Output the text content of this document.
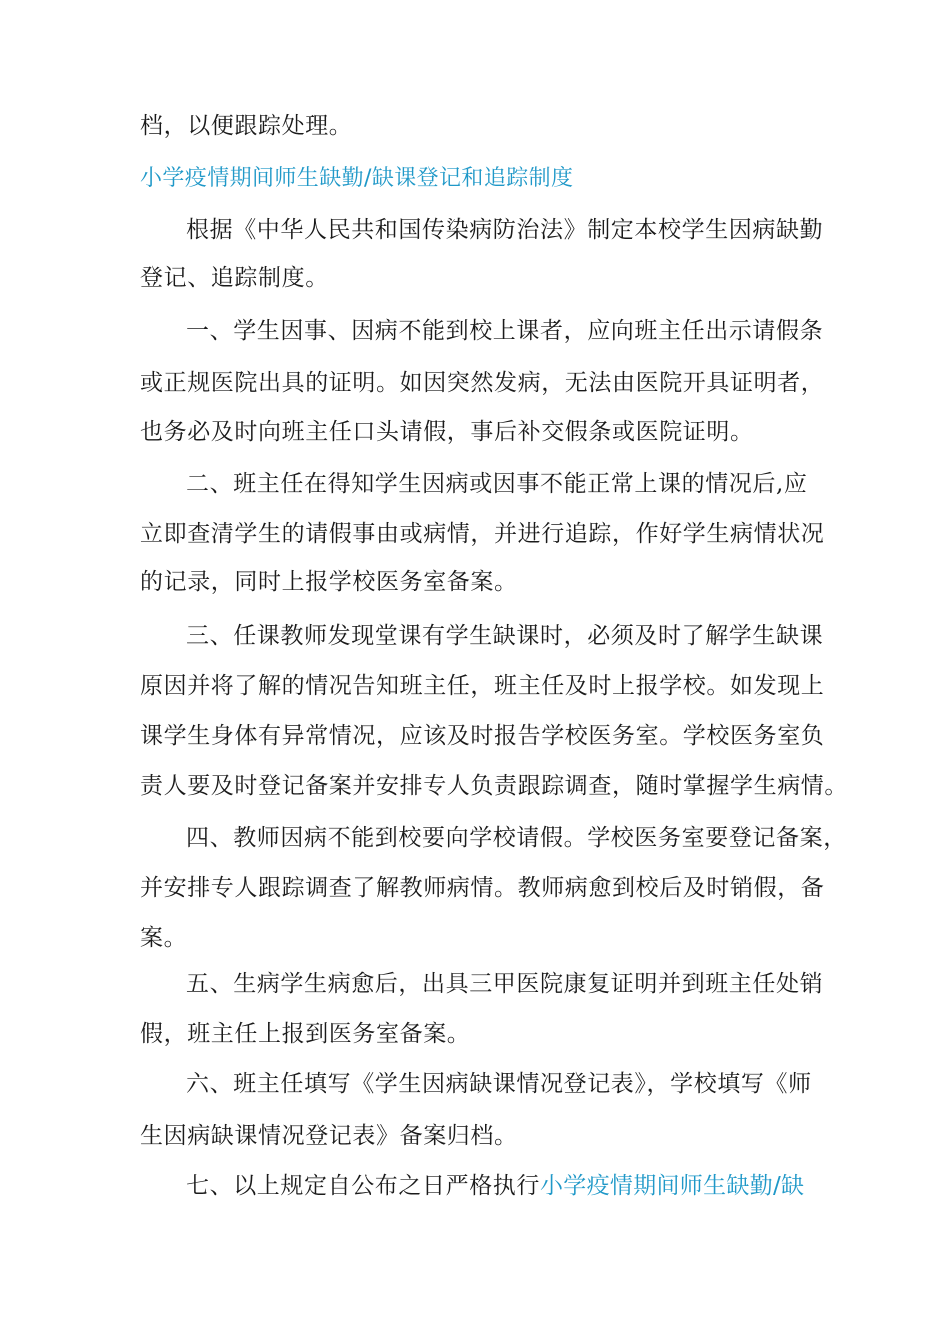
档，以便跟踪处理。
小学疫情期间师生缺勤/缺课登记和追踪制度
根据《中华人民共和国传染病防治法》制定本校学生因病缺勤
登记、追踪制度。
一、学生因事、因病不能到校上课者，应向班主任出示请假条
或正规医院出具的证明。如因突然发病，无法由医院开具证明者，
也务必及时向班主任口头请假，事后补交假条或医院证明。
二、班主任在得知学生因病或因事不能正常上课的情况后,应
立即查清学生的请假事由或病情，并进行追踪，作好学生病情状况
的记录，同时上报学校医务室备案。
三、任课教师发现堂课有学生缺课时，必须及时了解学生缺课
原因并将了解的情况告知班主任，班主任及时上报学校。如发现上
课学生身体有异常情况，应该及时报告学校医务室。学校医务室负
责人要及时登记备案并安排专人负责跟踪调查，随时掌握学生病情。
四、教师因病不能到校要向学校请假。学校医务室要登记备案，
并安排专人跟踪调查了解教师病情。教师病愈到校后及时销假，备
案。
五、生病学生病愈后，出具三甲医院康复证明并到班主任处销
假，班主任上报到医务室备案。
六、班主任填写《学生因病缺课情况登记表》，学校填写《师
生因病缺课情况登记表》备案归档。
七、以上规定自公布之日严格执行小学疫情期间师生缺勤/缺
